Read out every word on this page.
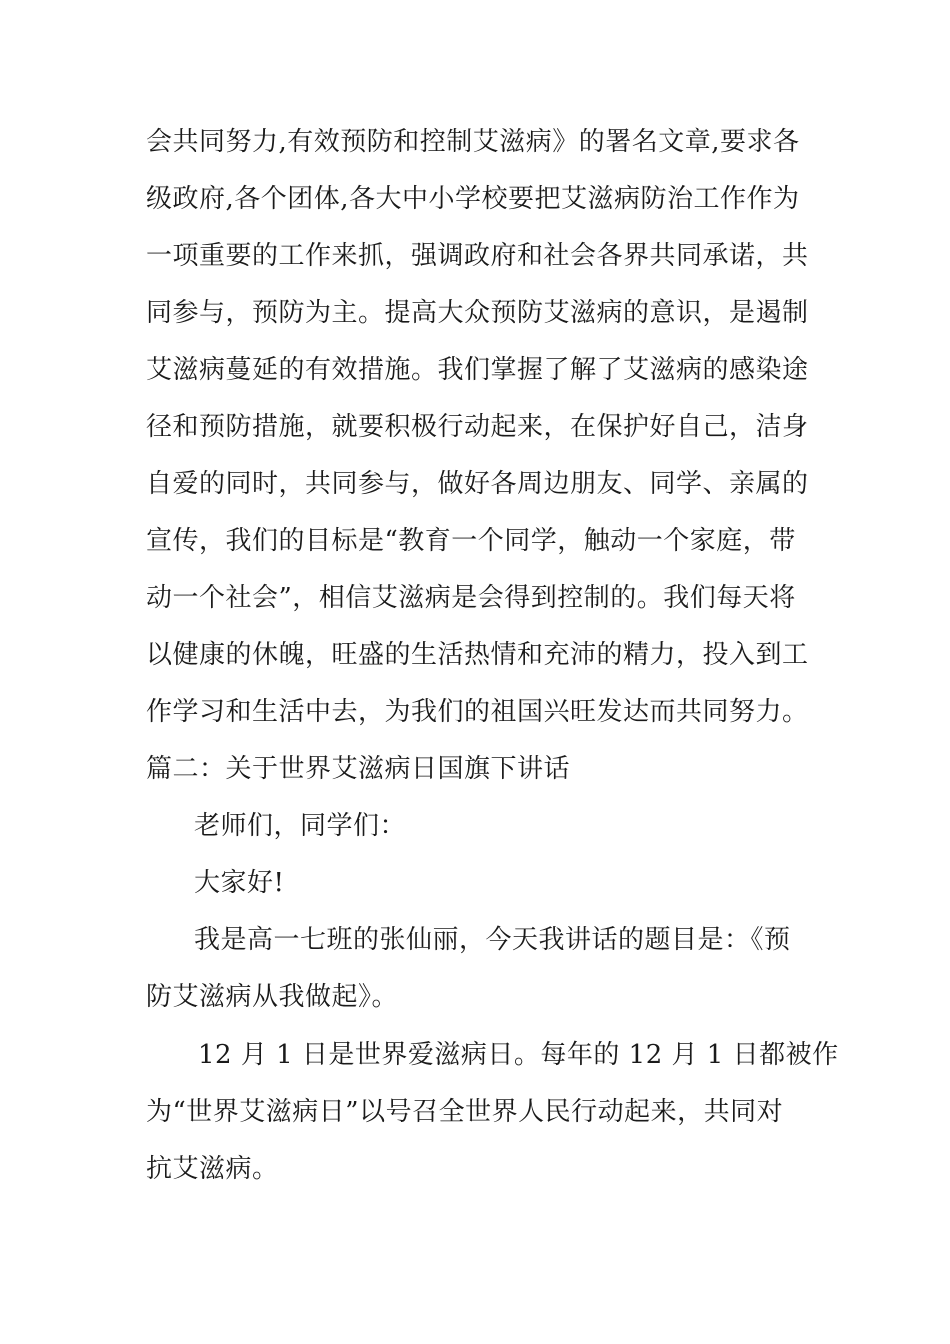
会共同努力,有效预防和控制艾滋病》的署名文章,要求各
级政府,各个团体,各大中小学校要把艾滋病防治工作作为
一项重要的工作来抓，强调政府和社会各界共同承诺，共
同参与，预防为主。提高大众预防艾滋病的意识，是遏制
艾滋病蔓延的有效措施。我们掌握了解了艾滋病的感染途
径和预防措施，就要积极行动起来，在保护好自己，洁身
自爱的同时，共同参与，做好各周边朋友、同学、亲属的
宣传，我们的目标是“教育一个同学，触动一个家庭，带
动一个社会”，相信艾滋病是会得到控制的。我们每天将
以健康的休魄，旺盛的生活热情和充沛的精力，投入到工
作学习和生活中去，为我们的祖国兴旺发达而共同努力。
篇二：关于世界艾滋病日国旗下讲话
老师们，同学们：
大家好!
我是高一七班的张仙丽，今天我讲话的题目是：《预
防艾滋病从我做起》。
12 月 1 日是世界爱滋病日。每年的 12 月 1 日都被作
为“世界艾滋病日”以号召全世界人民行动起来，共同对
抗艾滋病。
